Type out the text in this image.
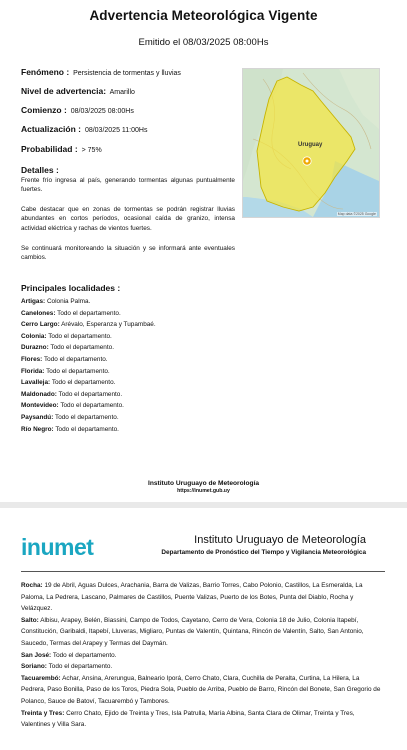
Advertencia Meteorológica Vigente
Emitido el 08/03/2025 08:00Hs
Fenómeno : Persistencia de tormentas y lluvias
Nivel de advertencia: Amarillo
Comienzo : 08/03/2025 08:00Hs
Actualización : 08/03/2025 11:00Hs
Probabilidad : > 75%
Detalles :
Frente frío ingresa al país, generando tormentas algunas puntualmente fuertes.
Cabe destacar que en zonas de tormentas se podrán registrar lluvias abundantes en cortos períodos, ocasional caída de granizo, intensa actividad eléctrica y rachas de vientos fuertes.
Se continuará monitoreando la situación y se informará ante eventuales cambios.
Uruguay
Map data ©2025 Google
Principales localidades :
Artigas: Colonia Palma.
Canelones: Todo el departamento.
Cerro Largo: Arévalo, Esperanza y Tupambaé.
Colonia: Todo el departamento.
Durazno: Todo el departamento.
Flores: Todo el departamento.
Florida: Todo el departamento.
Lavalleja: Todo el departamento.
Maldonado: Todo el departamento.
Montevideo: Todo el departamento.
Paysandú: Todo el departamento.
Río Negro: Todo el departamento.
Instituto Uruguayo de Meteorología
https://inumet.gub.uy
inumet	Instituto Uruguayo de Meteorología
Departamento de Pronóstico del Tiempo y Vigilancia Meteorológica
Rocha: 19 de Abril, Aguas Dulces, Arachania, Barra de Valizas, Barrio Torres, Cabo Polonio, Castillos, La Esmeralda, La Paloma, La Pedrera, Lascano, Palmares de Castillos, Puente Valizas, Puerto de los Botes, Punta del Diablo, Rocha y Velázquez.
Salto: Albisu, Arapey, Belén, Biassini, Campo de Todos, Cayetano, Cerro de Vera, Colonia 18 de Julio, Colonia Itapebí, Constitución, Garibaldi, Itapebí, Lluveras, Migliaro, Puntas de Valentín, Quintana, Rincón de Valentín, Salto, San Antonio, Saucedo, Termas del Arapey y Termas del Daymán.
San José: Todo el departamento.
Soriano: Todo el departamento.
Tacuarembó: Achar, Ansina, Arerungua, Balneario Iporá, Cerro Chato, Clara, Cuchilla de Peralta, Curtina, La Hilera, La Pedrera, Paso Bonilla, Paso de los Toros, Piedra Sola, Pueblo de Arriba, Pueblo de Barro, Rincón del Bonete, San Gregorio de Polanco, Sauce de Batoví, Tacuarembó y Tambores.
Treinta y Tres: Cerro Chato, Ejido de Treinta y Tres, Isla Patrulla, María Albina, Santa Clara de Olimar, Treinta y Tres, Valentines y Villa Sara.
